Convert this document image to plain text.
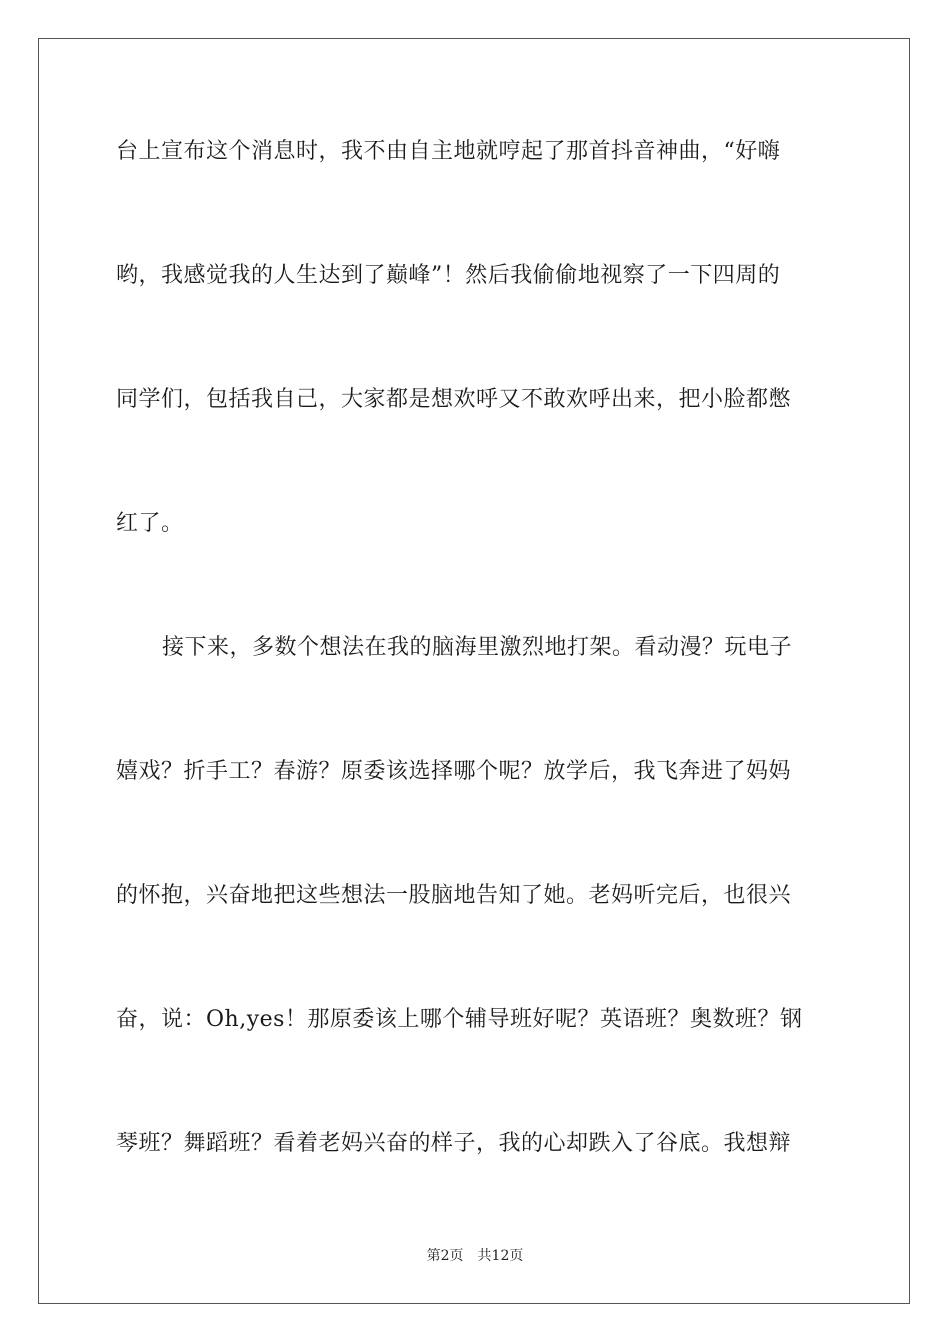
台上宣布这个消息时，我不由自主地就哼起了那首抖音神曲，“好嗨
哟，我感觉我的人生达到了巅峰”！然后我偷偷地视察了一下四周的
同学们，包括我自己，大家都是想欢呼又不敢欢呼出来，把小脸都憋
红了。
接下来，多数个想法在我的脑海里激烈地打架。看动漫？玩电子
嬉戏？折手工？春游？原委该选择哪个呢？放学后，我飞奔进了妈妈
的怀抱，兴奋地把这些想法一股脑地告知了她。老妈听完后，也很兴
奋，说：Oh,yes！那原委该上哪个辅导班好呢？英语班？奥数班？钢
琴班？舞蹈班？看着老妈兴奋的样子，我的心却跌入了谷底。我想辩
第2页 共12页
